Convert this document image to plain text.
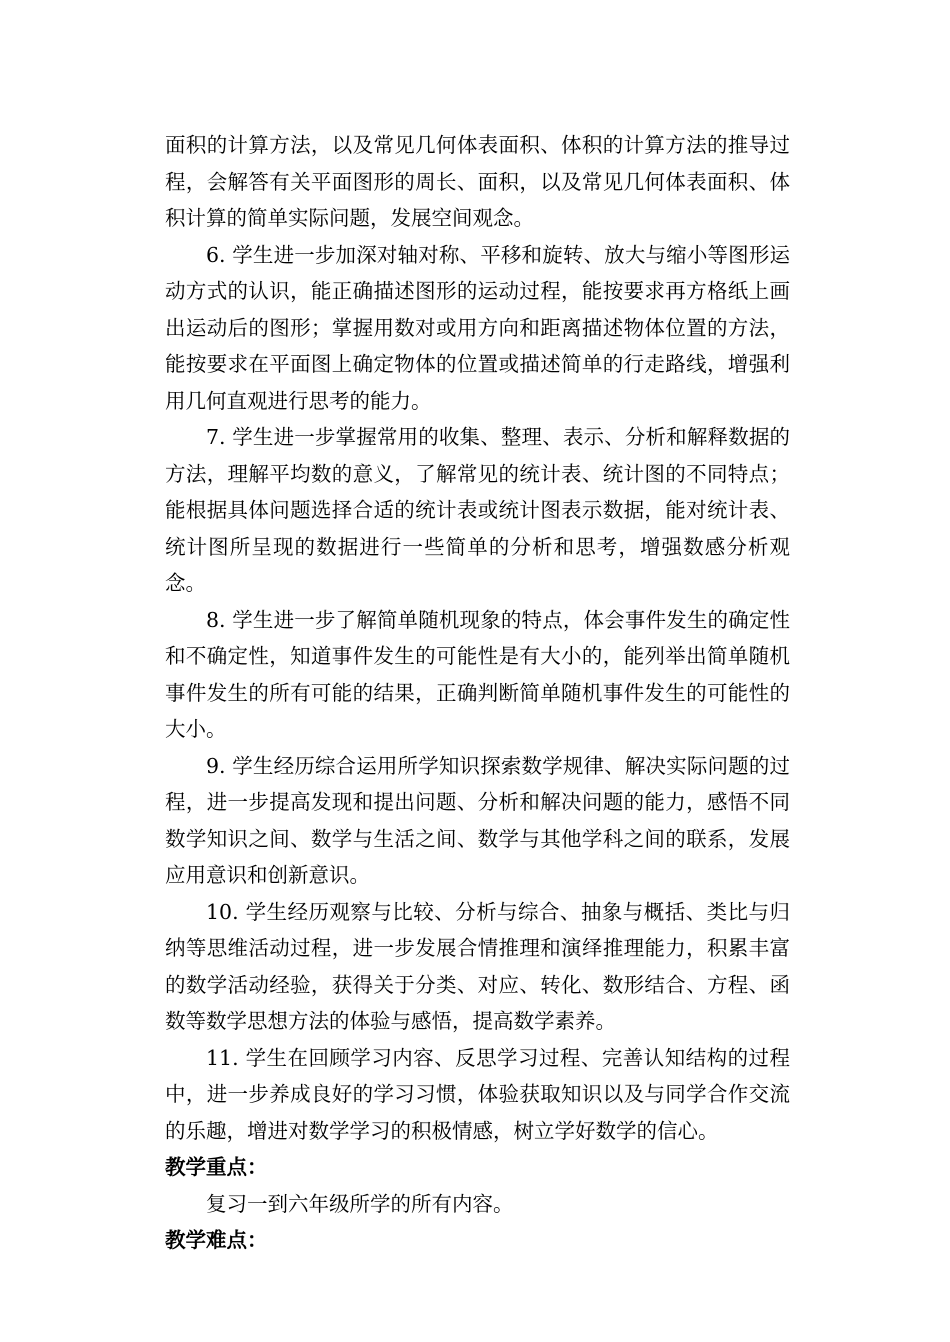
面积的计算方法，以及常见几何体表面积、体积的计算方法的推导过程，会解答有关平面图形的周长、面积，以及常见几何体表面积、体积计算的简单实际问题，发展空间观念。

6. 学生进一步加深对轴对称、平移和旋转、放大与缩小等图形运动方式的认识，能正确描述图形的运动过程，能按要求再方格纸上画出运动后的图形；掌握用数对或用方向和距离描述物体位置的方法，能按要求在平面图上确定物体的位置或描述简单的行走路线，增强利用几何直观进行思考的能力。

7. 学生进一步掌握常用的收集、整理、表示、分析和解释数据的方法，理解平均数的意义，了解常见的统计表、统计图的不同特点；能根据具体问题选择合适的统计表或统计图表示数据，能对统计表、统计图所呈现的数据进行一些简单的分析和思考，增强数感分析观念。

8. 学生进一步了解简单随机现象的特点，体会事件发生的确定性和不确定性，知道事件发生的可能性是有大小的，能列举出简单随机事件发生的所有可能的结果，正确判断简单随机事件发生的可能性的大小。

9. 学生经历综合运用所学知识探索数学规律、解决实际问题的过程，进一步提高发现和提出问题、分析和解决问题的能力，感悟不同数学知识之间、数学与生活之间、数学与其他学科之间的联系，发展应用意识和创新意识。

10. 学生经历观察与比较、分析与综合、抽象与概括、类比与归纳等思维活动过程，进一步发展合情推理和演绎推理能力，积累丰富的数学活动经验，获得关于分类、对应、转化、数形结合、方程、函数等数学思想方法的体验与感悟，提高数学素养。

11. 学生在回顾学习内容、反思学习过程、完善认知结构的过程中，进一步养成良好的学习习惯，体验获取知识以及与同学合作交流的乐趣，增进对数学学习的积极情感，树立学好数学的信心。

教学重点：

复习一到六年级所学的所有内容。

教学难点：
